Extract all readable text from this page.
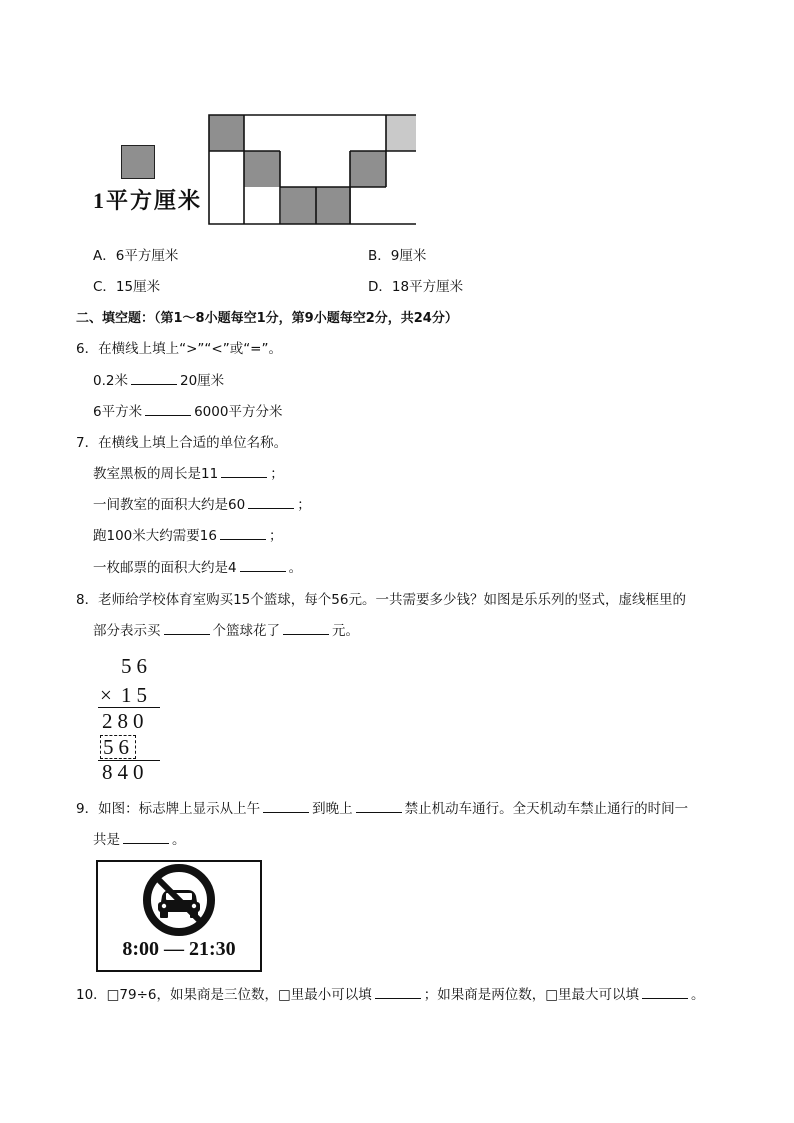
1平方厘米
A．6平方厘米	B．9厘米
C．15厘米	D．18平方厘米
二、填空题：（第1～8小题每空1分，第9小题每空2分，共24分）
6．在横线上填上“>”“<”或“=”。
0.2米	20厘米
6平方米	6000平方分米
7．在横线上填上合适的单位名称。
教室黑板的周长是11	；
一间教室的面积大约是60	；
跑100米大约需要16	；
一枚邮票的面积大约是4	。
8．老师给学校体育室购买15个篮球，每个56元。一共需要多少钱？如图是乐乐列的竖式，虚线框里的
部分表示买	个篮球花了	元。
56
× 15
280
56
840
9．如图：标志牌上显示从上午	到晚上	禁止机动车通行。全天机动车禁止通行的时间一
共是	。
8:00 — 21:30
10．□79÷6，如果商是三位数，□里最小可以填	；如果商是两位数，□里最大可以填	。
